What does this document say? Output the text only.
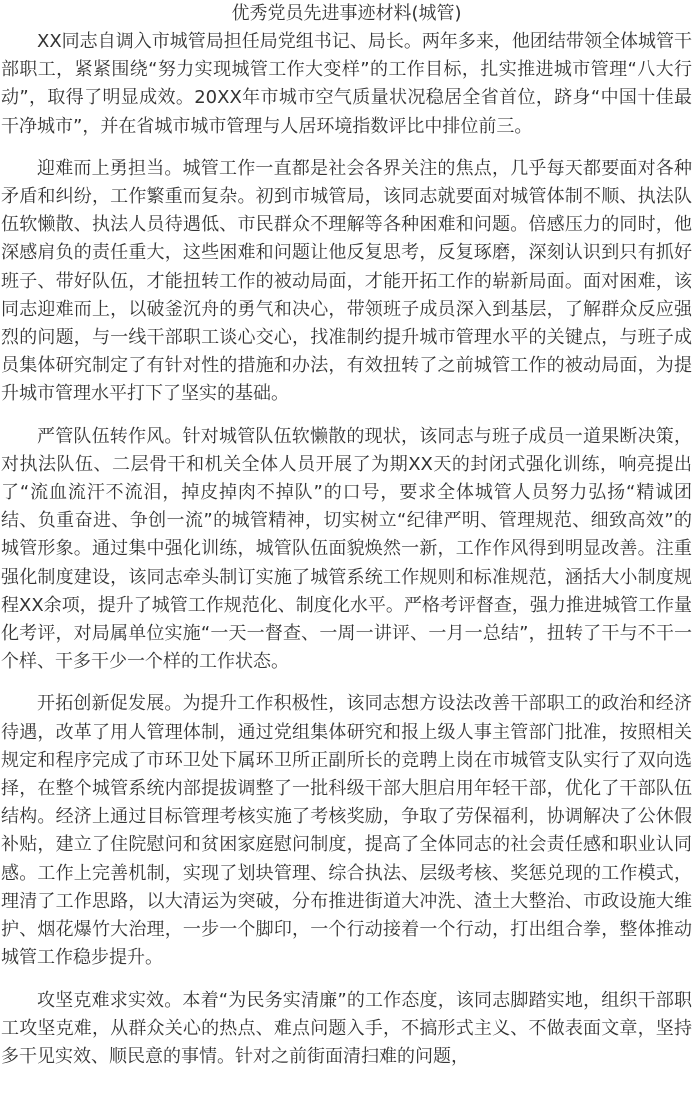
优秀党员先进事迹材料(城管)

XX同志自调入市城管局担任局党组书记、局长。两年多来，他团结带领全体城管干部职工，紧紧围绕“努力实现城管工作大变样”的工作目标，扎实推进城市管理“八大行动”，取得了明显成效。20XX年市城市空气质量状况稳居全省首位，跻身“中国十佳最干净城市”，并在省城市城市管理与人居环境指数评比中排位前三。

迎难而上勇担当。城管工作一直都是社会各界关注的焦点，几乎每天都要面对各种矛盾和纠纷，工作繁重而复杂。初到市城管局，该同志就要面对城管体制不顺、执法队伍软懒散、执法人员待遇低、市民群众不理解等各种困难和问题。倍感压力的同时，他深感肩负的责任重大，这些困难和问题让他反复思考，反复琢磨，深刻认识到只有抓好班子、带好队伍，才能扭转工作的被动局面，才能开拓工作的崭新局面。面对困难，该同志迎难而上，以破釜沉舟的勇气和决心，带领班子成员深入到基层，了解群众反应强烈的问题，与一线干部职工谈心交心，找准制约提升城市管理水平的关键点，与班子成员集体研究制定了有针对性的措施和办法，有效扭转了之前城管工作的被动局面，为提升城市管理水平打下了坚实的基础。

严管队伍转作风。针对城管队伍软懒散的现状，该同志与班子成员一道果断决策，对执法队伍、二层骨干和机关全体人员开展了为期XX天的封闭式强化训练，响亮提出了“流血流汗不流泪，掉皮掉肉不掉队”的口号，要求全体城管人员努力弘扬“精诚团结、负重奋进、争创一流”的城管精神，切实树立“纪律严明、管理规范、细致高效”的城管形象。通过集中强化训练，城管队伍面貌焕然一新，工作作风得到明显改善。注重强化制度建设，该同志牵头制订实施了城管系统工作规则和标准规范，涵括大小制度规程XX余项，提升了城管工作规范化、制度化水平。严格考评督查，强力推进城管工作量化考评，对局属单位实施“一天一督查、一周一讲评、一月一总结”，扭转了干与不干一个样、干多干少一个样的工作状态。

开拓创新促发展。为提升工作积极性，该同志想方设法改善干部职工的政治和经济待遇，改革了用人管理体制，通过党组集体研究和报上级人事主管部门批准，按照相关规定和程序完成了市环卫处下属环卫所正副所长的竞聘上岗在市城管支队实行了双向选择，在整个城管系统内部提拔调整了一批科级干部大胆启用年轻干部，优化了干部队伍结构。经济上通过目标管理考核实施了考核奖励，争取了劳保福利，协调解决了公休假补贴，建立了住院慰问和贫困家庭慰问制度，提高了全体同志的社会责任感和职业认同感。工作上完善机制，实现了划块管理、综合执法、层级考核、奖惩兑现的工作模式，理清了工作思路，以大清运为突破，分布推进街道大冲洗、渣土大整治、市政设施大维护、烟花爆竹大治理，一步一个脚印，一个行动接着一个行动，打出组合拳，整体推动城管工作稳步提升。

攻坚克难求实效。本着“为民务实清廉”的工作态度，该同志脚踏实地，组织干部职工攻坚克难，从群众关心的热点、难点问题入手，不搞形式主义、不做表面文章，坚持多干见实效、顺民意的事情。针对之前街面清扫难的问题，
